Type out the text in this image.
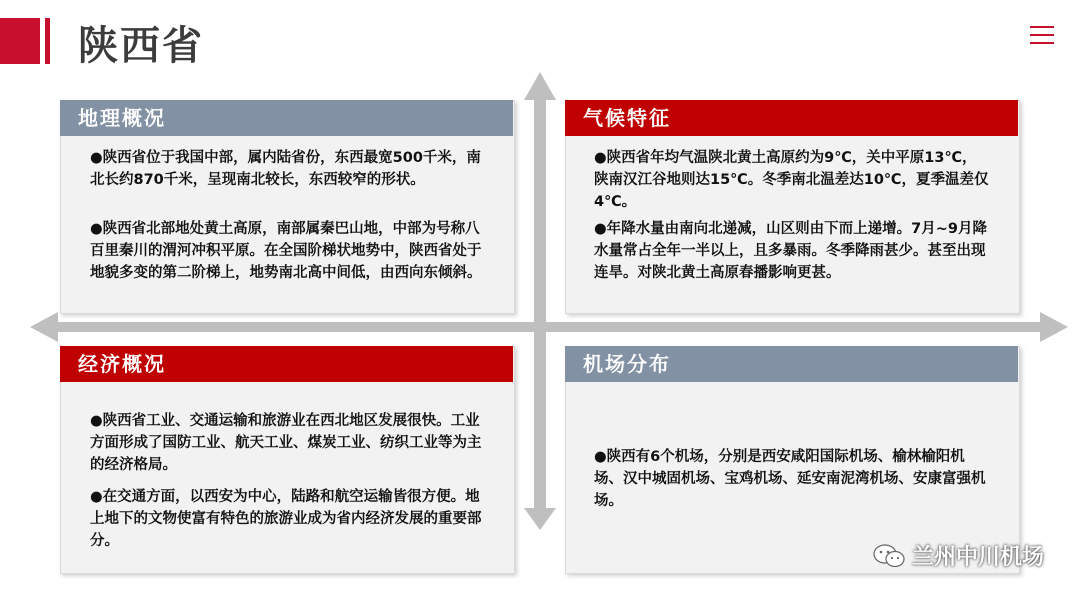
陕西省
地理概况

●陕西省位于我国中部，属内陆省份，东西最宽500千米，南北长约870千米，呈现南北较长，东西较窄的形状。

●陕西省北部地处黄土高原，南部属秦巴山地，中部为号称八百里秦川的渭河冲积平原。在全国阶梯状地势中，陕西省处于地貌多变的第二阶梯上，地势南北高中间低，由西向东倾斜。

气候特征

●陕西省年均气温陕北黄土高原约为9℃，关中平原13℃，陕南汉江谷地则达15℃。冬季南北温差达10℃，夏季温差仅4℃。

●年降水量由南向北递减，山区则由下而上递增。7月~9月降水量常占全年一半以上，且多暴雨。冬季降雨甚少。甚至出现连旱。对陕北黄土高原春播影响更甚。

经济概况

●陕西省工业、交通运输和旅游业在西北地区发展很快。工业方面形成了国防工业、航天工业、煤炭工业、纺织工业等为主的经济格局。

●在交通方面，以西安为中心，陆路和航空运输皆很方便。地上地下的文物使富有特色的旅游业成为省内经济发展的重要部分。

机场分布

●陕西有6个机场，分别是西安咸阳国际机场、榆林榆阳机场、汉中城固机场、宝鸡机场、延安南泥湾机场、安康富强机场。

兰州中川机场
